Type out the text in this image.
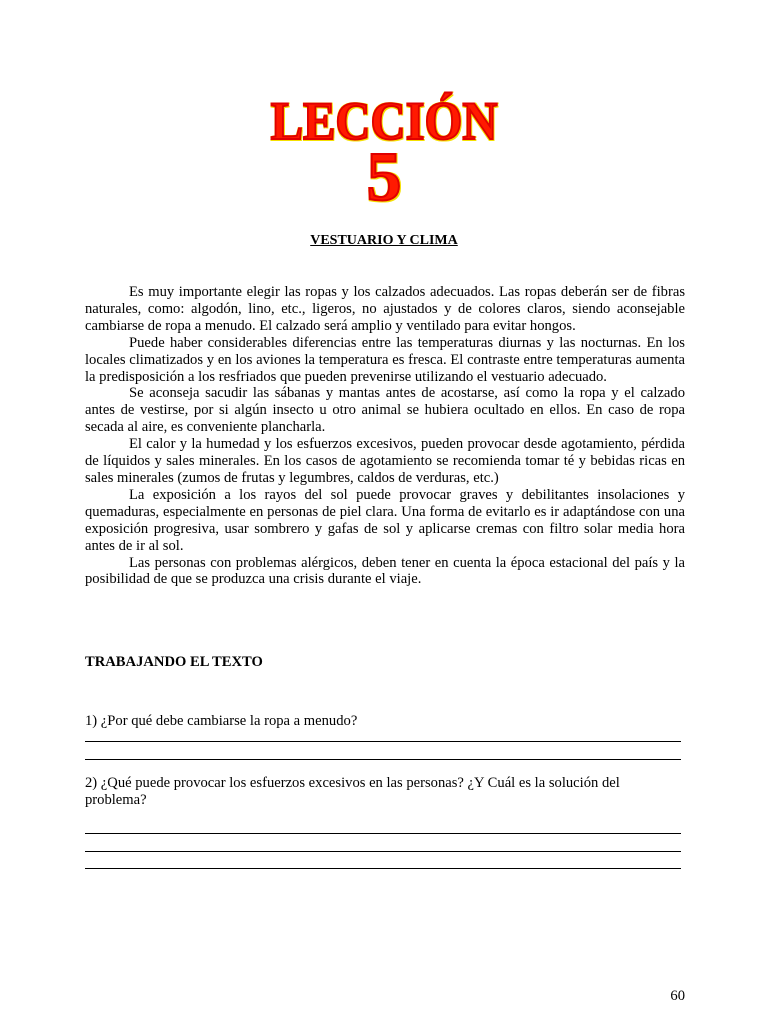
LECCIÓN
5
VESTUARIO Y CLIMA

Es muy importante elegir las ropas y los calzados adecuados. Las ropas deberán ser de fibras naturales, como: algodón, lino, etc., ligeros, no ajustados y de colores claros, siendo aconsejable cambiarse de ropa a menudo. El calzado será amplio y ventilado para evitar hongos.

Puede haber considerables diferencias entre las temperaturas diurnas y las nocturnas. En los locales climatizados y en los aviones la temperatura es fresca. El contraste entre temperaturas aumenta la predisposición a los resfriados que pueden prevenirse utilizando el vestuario adecuado.

Se aconseja sacudir las sábanas y mantas antes de acostarse, así como la ropa y el calzado antes de vestirse, por si algún insecto u otro animal se hubiera ocultado en ellos. En caso de ropa secada al aire, es conveniente plancharla.

El calor y la humedad y los esfuerzos excesivos, pueden provocar desde agotamiento, pérdida de líquidos y sales minerales. En los casos de agotamiento se recomienda tomar té y bebidas ricas en sales minerales (zumos de frutas y legumbres, caldos de verduras, etc.)

La exposición a los rayos del sol puede provocar graves y debilitantes insolaciones y quemaduras, especialmente en personas de piel clara. Una forma de evitarlo es ir adaptándose con una exposición progresiva, usar sombrero y gafas de sol y aplicarse cremas con filtro solar media hora antes de ir al sol.

Las personas con problemas alérgicos, deben tener en cuenta la época estacional del país y la posibilidad de que se produzca una crisis durante el viaje.

TRABAJANDO EL TEXTO
1) ¿Por qué debe cambiarse la ropa a menudo?
2) ¿Qué puede provocar los esfuerzos excesivos en las personas? ¿Y Cuál es la solución del problema?
60
